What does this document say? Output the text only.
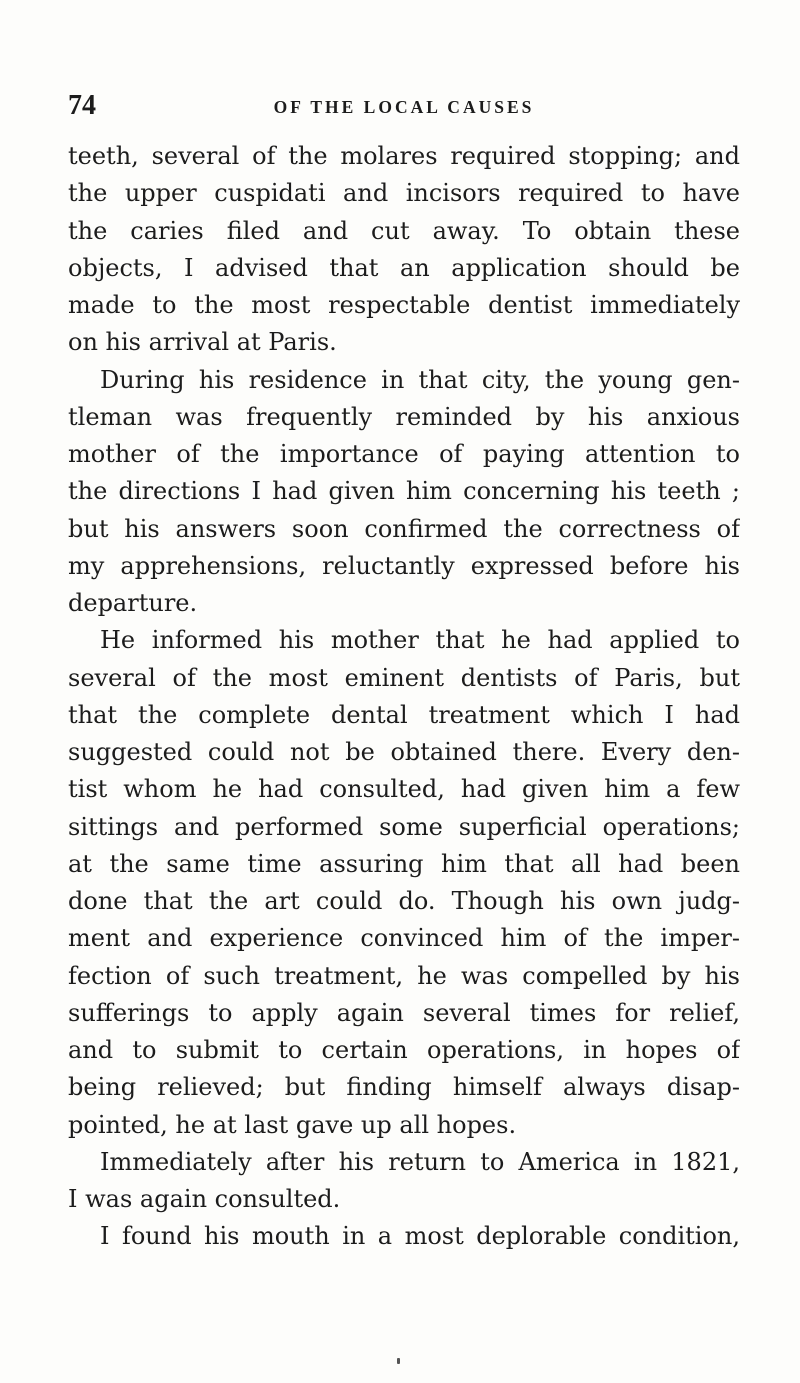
74	OF THE LOCAL CAUSES
teeth, several of the molares required stopping; and
the upper cuspidati and incisors required to have
the caries filed and cut away. To obtain these
objects, I advised that an application should be
made to the most respectable dentist immediately
on his arrival at Paris.
During his residence in that city, the young gen-
tleman was frequently reminded by his anxious
mother of the importance of paying attention to
the directions I had given him concerning his teeth ;
but his answers soon confirmed the correctness of
my apprehensions, reluctantly expressed before his
departure.
He informed his mother that he had applied to
several of the most eminent dentists of Paris, but
that the complete dental treatment which I had
suggested could not be obtained there. Every den-
tist whom he had consulted, had given him a few
sittings and performed some superficial operations;
at the same time assuring him that all had been
done that the art could do. Though his own judg-
ment and experience convinced him of the imper-
fection of such treatment, he was compelled by his
sufferings to apply again several times for relief,
and to submit to certain operations, in hopes of
being relieved; but finding himself always disap-
pointed, he at last gave up all hopes.
Immediately after his return to America in 1821,
I was again consulted.
I found his mouth in a most deplorable condition,
